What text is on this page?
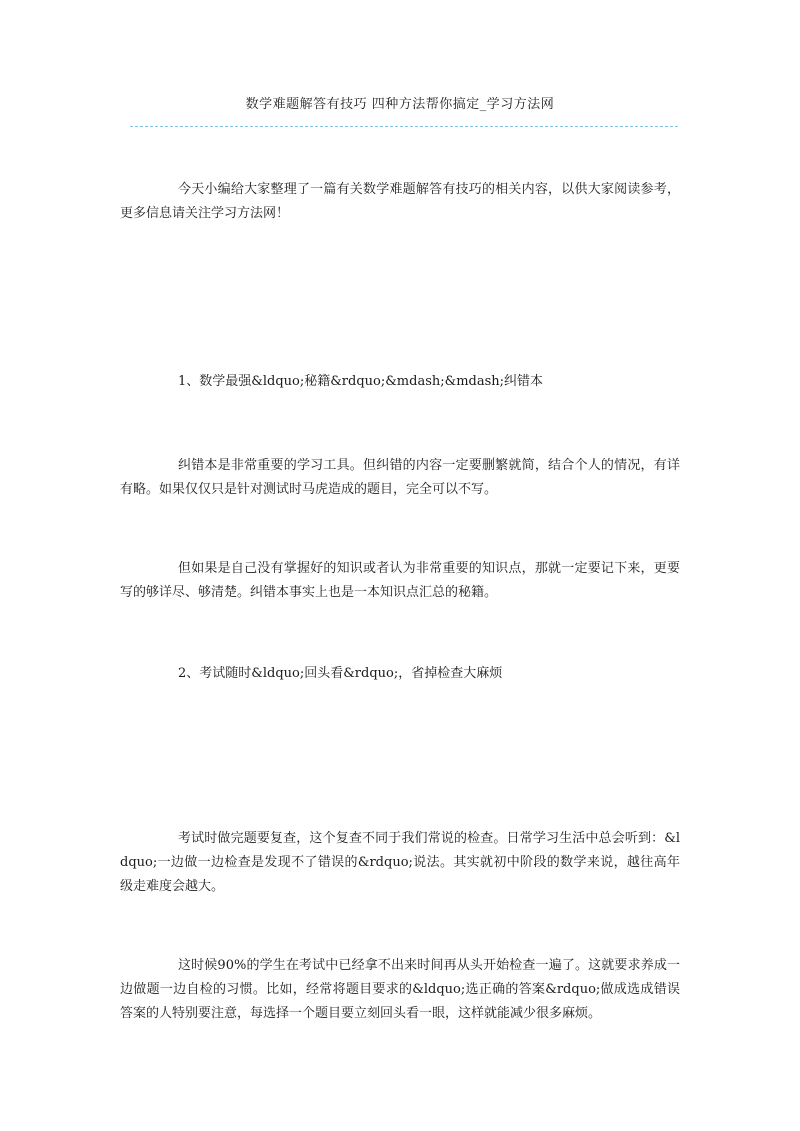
数学难题解答有技巧 四种方法帮你搞定_学习方法网

今天小编给大家整理了一篇有关数学难题解答有技巧的相关内容，以供大家阅读参考，更多信息请关注学习方法网！

1、数学最强&ldquo;秘籍&rdquo;&mdash;&mdash;纠错本

纠错本是非常重要的学习工具。但纠错的内容一定要删繁就简，结合个人的情况，有详有略。如果仅仅只是针对测试时马虎造成的题目，完全可以不写。

但如果是自己没有掌握好的知识或者认为非常重要的知识点，那就一定要记下来，更要写的够详尽、够清楚。纠错本事实上也是一本知识点汇总的秘籍。

2、考试随时&ldquo;回头看&rdquo;，省掉检查大麻烦

考试时做完题要复查，这个复查不同于我们常说的检查。日常学习生活中总会听到：&ldquo;一边做一边检查是发现不了错误的&rdquo;说法。其实就初中阶段的数学来说，越往高年级走难度会越大。

这时候90%的学生在考试中已经拿不出来时间再从头开始检查一遍了。这就要求养成一边做题一边自检的习惯。比如，经常将题目要求的&ldquo;选正确的答案&rdquo;做成选成错误答案的人特别要注意，每选择一个题目要立刻回头看一眼，这样就能减少很多麻烦。
